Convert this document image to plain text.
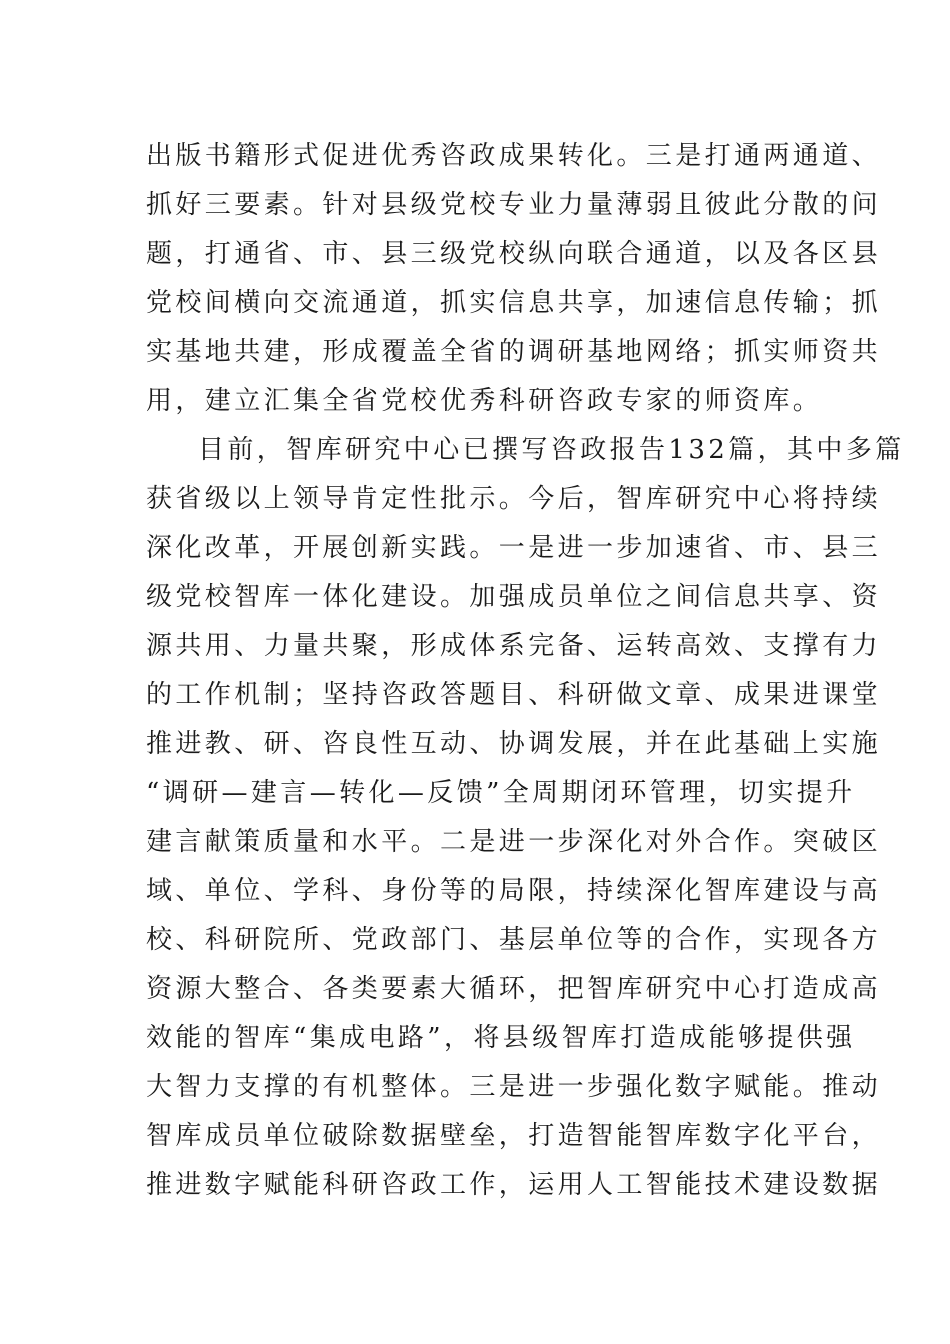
出版书籍形式促进优秀咨政成果转化。三是打通两通道、
抓好三要素。针对县级党校专业力量薄弱且彼此分散的问
题，打通省、市、县三级党校纵向联合通道，以及各区县
党校间横向交流通道，抓实信息共享，加速信息传输；抓
实基地共建，形成覆盖全省的调研基地网络；抓实师资共
用，建立汇集全省党校优秀科研咨政专家的师资库。
目前，智库研究中心已撰写咨政报告132篇，其中多篇
获省级以上领导肯定性批示。今后，智库研究中心将持续
深化改革，开展创新实践。一是进一步加速省、市、县三
级党校智库一体化建设。加强成员单位之间信息共享、资
源共用、力量共聚，形成体系完备、运转高效、支撑有力
的工作机制；坚持咨政答题目、科研做文章、成果进课堂
推进教、研、咨良性互动、协调发展，并在此基础上实施
“调研—建言—转化—反馈”全周期闭环管理，切实提升
建言献策质量和水平。二是进一步深化对外合作。突破区
域、单位、学科、身份等的局限，持续深化智库建设与高
校、科研院所、党政部门、基层单位等的合作，实现各方
资源大整合、各类要素大循环，把智库研究中心打造成高
效能的智库“集成电路”，将县级智库打造成能够提供强
大智力支撑的有机整体。三是进一步强化数字赋能。推动
智库成员单位破除数据壁垒，打造智能智库数字化平台，
推进数字赋能科研咨政工作，运用人工智能技术建设数据
